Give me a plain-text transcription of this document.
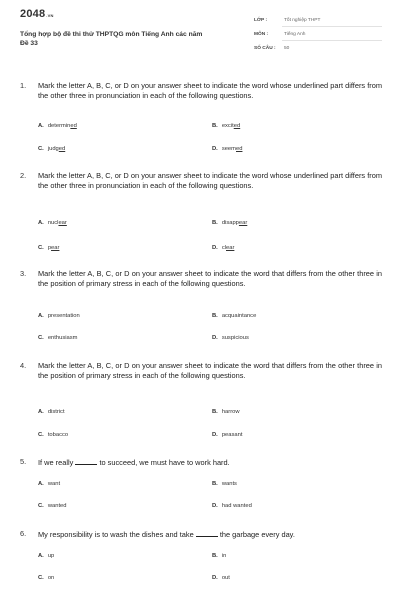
2048.VN
Tổng hợp bộ đề thi thử THPTQG môn Tiếng Anh các năm
Đề 33
LỚP :	Tốt nghiệp THPT
MÔN :	Tiếng Anh
SỐ CÂU : 50
1. Mark the letter A, B, C, or D on your answer sheet to indicate the word whose underlined part differs from the other three in pronunciation in each of the following questions.
A. determined	B. excited
C. judged	D. seemed
2. Mark the letter A, B, C, or D on your answer sheet to indicate the word whose underlined part differs from the other three in pronunciation in each of the following questions.
A. nuclear	B. disappear
C. pear	D. clear
3. Mark the letter A, B, C, or D on your answer sheet to indicate the word that differs from the other three in the position of primary stress in each of the following questions.
A. presentation	B. acquaintance
C. enthusiasm	D. suspicious
4. Mark the letter A, B, C, or D on your answer sheet to indicate the word that differs from the other three in the position of primary stress in each of the following questions.
A. district	B. harrow
C. tobacco	D. peasant
5. If we really	to succeed, we must have to work hard.
A. want	B. wants
C. wanted	D. had wanted
6. My responsibility is to wash the dishes and take	the garbage every day.
A. up	B. in
C. on	D. out
